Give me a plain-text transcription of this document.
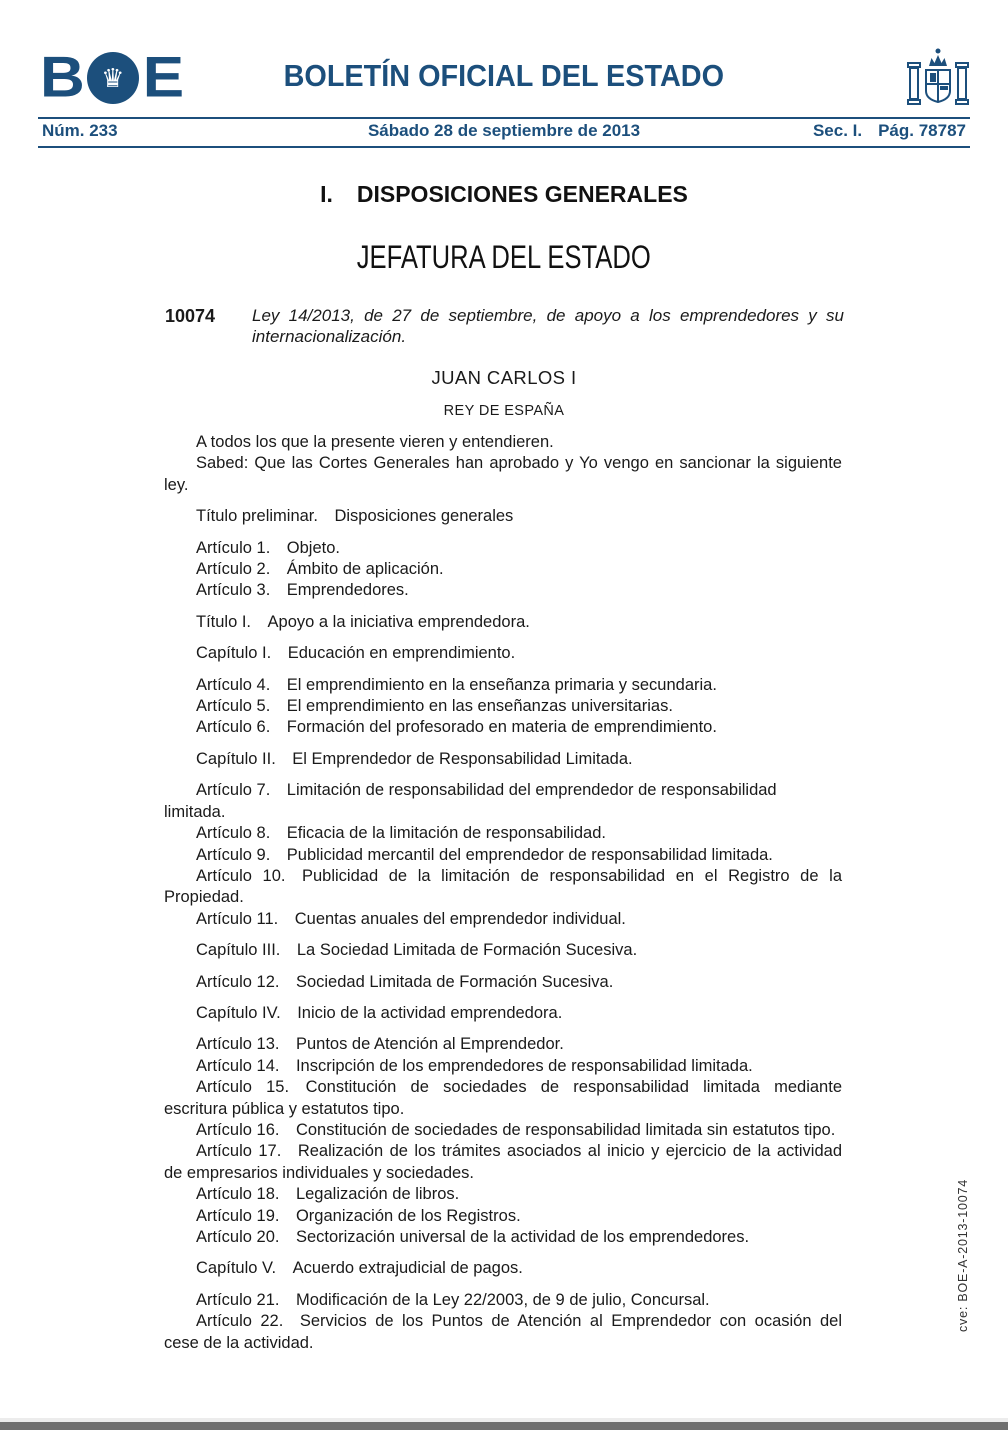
B ♛ E	BOLETÍN OFICIAL DEL ESTADO
Núm. 233	Sábado 28 de septiembre de 2013	Sec. I. Pág. 78787
I. DISPOSICIONES GENERALES
JEFATURA DEL ESTADO
10074 Ley 14/2013, de 27 de septiembre, de apoyo a los emprendedores y su
internacionalización.
JUAN CARLOS I
REY DE ESPAÑA
A todos los que la presente vieren y entendieren.
Sabed: Que las Cortes Generales han aprobado y Yo vengo en sancionar la siguiente
ley.
Título preliminar.  Disposiciones generales
Artículo 1.  Objeto.
Artículo 2.  Ámbito de aplicación.
Artículo 3.  Emprendedores.
Título I.  Apoyo a la iniciativa emprendedora.
Capítulo I.  Educación en emprendimiento.
Artículo 4.  El emprendimiento en la enseñanza primaria y secundaria.
Artículo 5.  El emprendimiento en las enseñanzas universitarias.
Artículo 6.  Formación del profesorado en materia de emprendimiento.
Capítulo II.  El Emprendedor de Responsabilidad Limitada.
Artículo 7.  Limitación de responsabilidad del emprendedor de responsabilidad limitada.
Artículo 8.  Eficacia de la limitación de responsabilidad.
Artículo 9.  Publicidad mercantil del emprendedor de responsabilidad limitada.
Artículo 10.  Publicidad de la limitación de responsabilidad en el Registro de la
Propiedad.
Artículo 11.  Cuentas anuales del emprendedor individual.
Capítulo III.  La Sociedad Limitada de Formación Sucesiva.
Artículo 12.  Sociedad Limitada de Formación Sucesiva.
Capítulo IV.  Inicio de la actividad emprendedora.
Artículo 13.  Puntos de Atención al Emprendedor.
Artículo 14.  Inscripción de los emprendedores de responsabilidad limitada.
Artículo 15.  Constitución de sociedades de responsabilidad limitada mediante
escritura pública y estatutos tipo.
Artículo 16.  Constitución de sociedades de responsabilidad limitada sin estatutos tipo.
Artículo 17.  Realización de los trámites asociados al inicio y ejercicio de la actividad
de empresarios individuales y sociedades.
Artículo 18.  Legalización de libros.
Artículo 19.  Organización de los Registros.
Artículo 20.  Sectorización universal de la actividad de los emprendedores.
Capítulo V.  Acuerdo extrajudicial de pagos.
Artículo 21.  Modificación de la Ley 22/2003, de 9 de julio, Concursal.
Artículo 22.  Servicios de los Puntos de Atención al Emprendedor con ocasión del
cese de la actividad.
cve: BOE-A-2013-10074
